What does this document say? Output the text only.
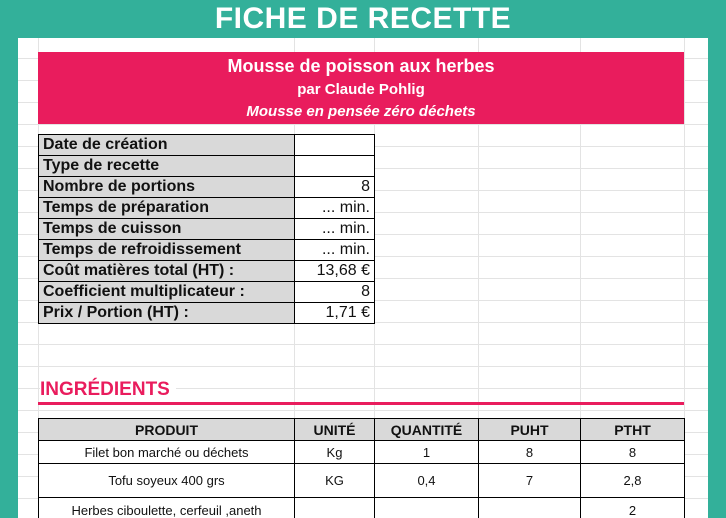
FICHE DE RECETTE
Mousse de poisson aux herbes
par Claude Pohlig
Mousse en pensée zéro déchets
Date de création	
Type de recette	
Nombre de portions	8
Temps de préparation	... min.
Temps de cuisson	... min.
Temps de refroidissement	... min.
Coût matières total (HT) :	13,68 €
Coefficient multiplicateur :	8
Prix / Portion (HT) :	1,71 €
INGRÉDIENTS
PRODUIT	UNITÉ	QUANTITÉ	PUHT	PTHT
Filet bon marché ou déchets	Kg	1	8	8
Tofu soyeux 400 grs	KG	0,4	7	2,8
Herbes ciboulette, cerfeuil ,aneth				2
